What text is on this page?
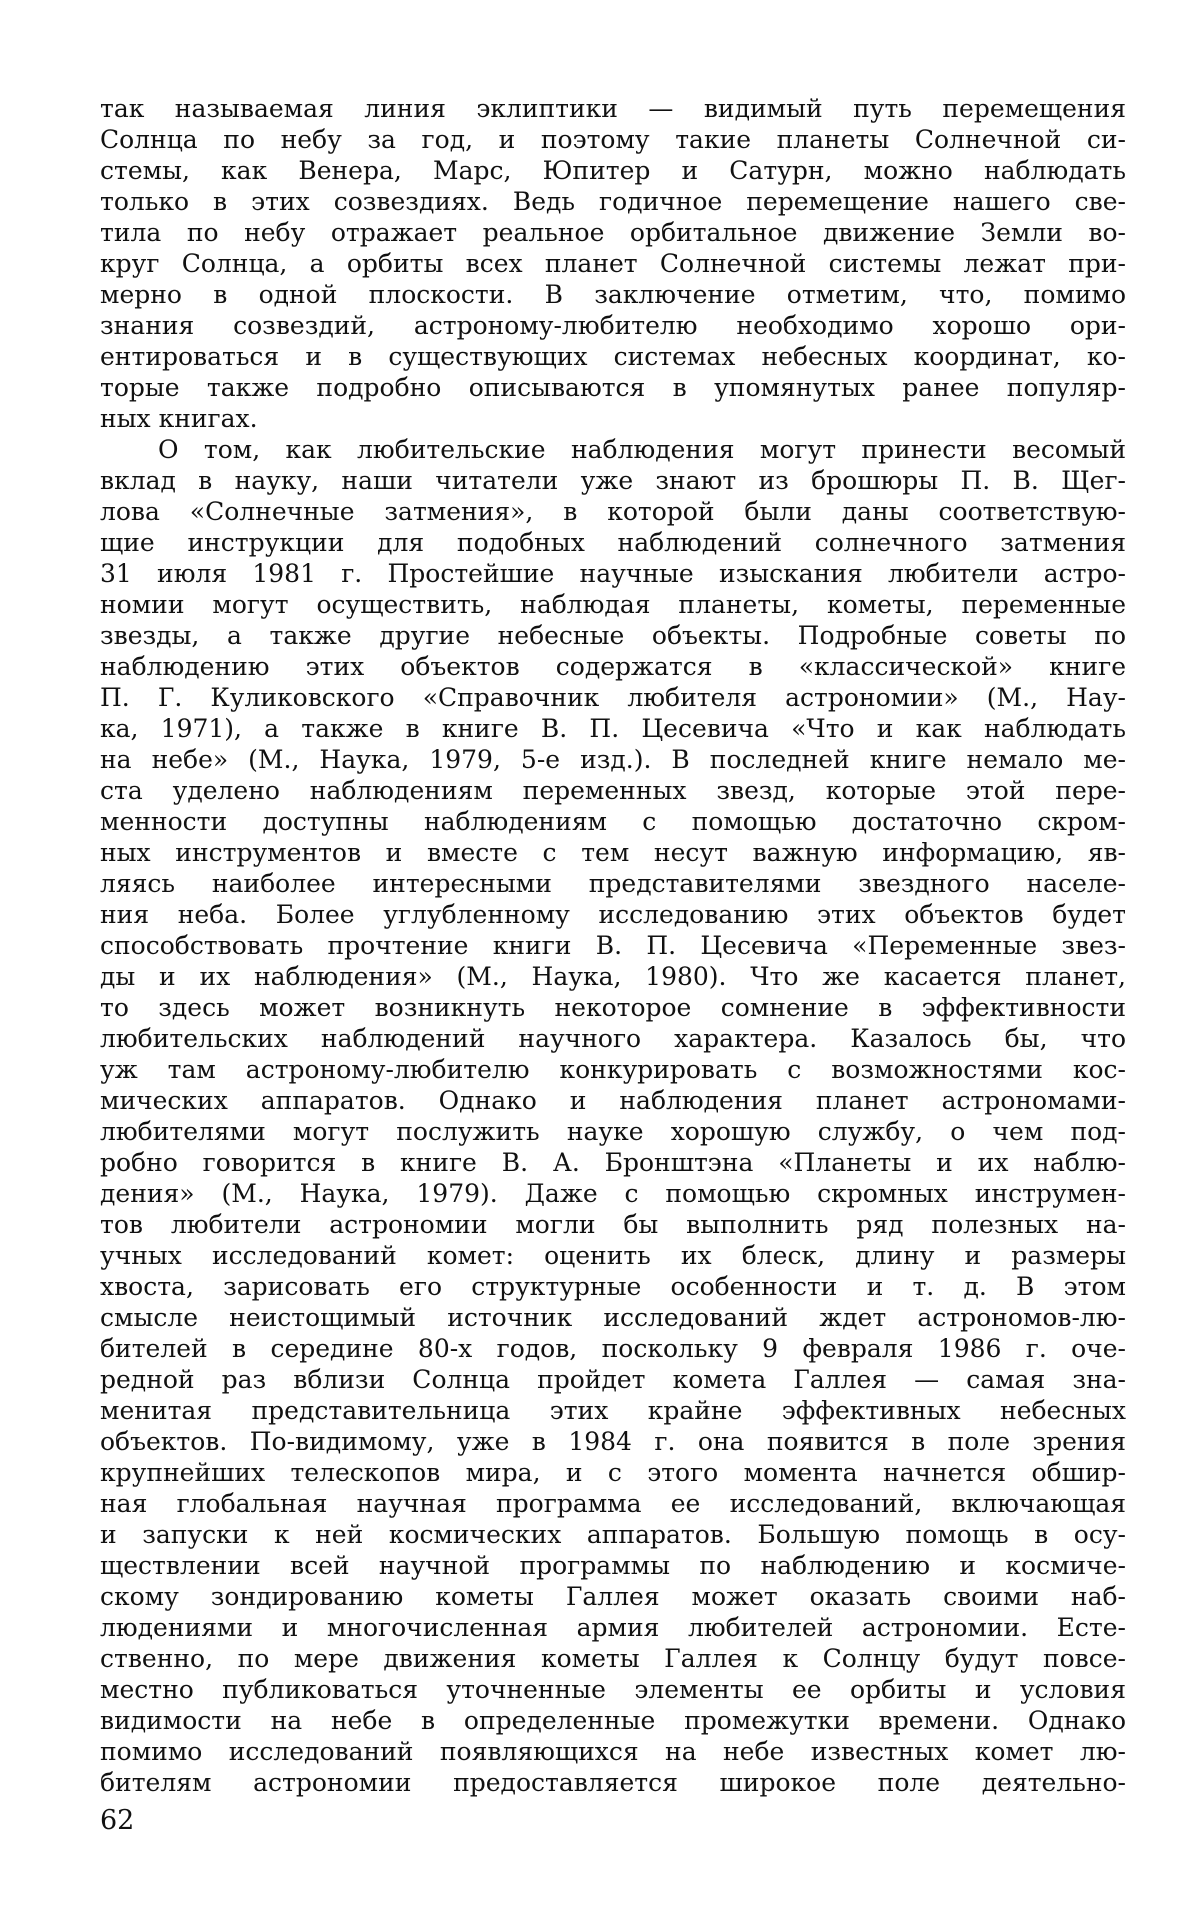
так называемая линия эклиптики — видимый путь перемещения
Солнца по небу за год, и поэтому такие планеты Солнечной си-
стемы, как Венера, Марс, Юпитер и Сатурн, можно наблюдать
только в этих созвездиях. Ведь годичное перемещение нашего све-
тила по небу отражает реальное орбитальное движение Земли во-
круг Солнца, а орбиты всех планет Солнечной системы лежат при-
мерно в одной плоскости. В заключение отметим, что, помимо
знания созвездий, астроному-любителю необходимо хорошо ори-
ентироваться и в существующих системах небесных координат, ко-
торые также подробно описываются в упомянутых ранее популяр-
ных книгах.
О том, как любительские наблюдения могут принести весомый
вклад в науку, наши читатели уже знают из брошюры П. В. Щег-
лова «Солнечные затмения», в которой были даны соответствую-
щие инструкции для подобных наблюдений солнечного затмения
31 июля 1981 г. Простейшие научные изыскания любители астро-
номии могут осуществить, наблюдая планеты, кометы, переменные
звезды, а также другие небесные объекты. Подробные советы по
наблюдению этих объектов содержатся в «классической» книге
П. Г. Куликовского «Справочник любителя астрономии» (М., Нау-
ка, 1971), а также в книге В. П. Цесевича «Что и как наблюдать
на небе» (М., Наука, 1979, 5-е изд.). В последней книге немало ме-
ста уделено наблюдениям переменных звезд, которые этой пере-
менности доступны наблюдениям с помощью достаточно скром-
ных инструментов и вместе с тем несут важную информацию, яв-
ляясь наиболее интересными представителями звездного населе-
ния неба. Более углубленному исследованию этих объектов будет
способствовать прочтение книги В. П. Цесевича «Переменные звез-
ды и их наблюдения» (М., Наука, 1980). Что же касается планет,
то здесь может возникнуть некоторое сомнение в эффективности
любительских наблюдений научного характера. Казалось бы, что
уж там астроному-любителю конкурировать с возможностями кос-
мических аппаратов. Однако и наблюдения планет астрономами-
любителями могут послужить науке хорошую службу, о чем под-
робно говорится в книге В. А. Бронштэна «Планеты и их наблю-
дения» (М., Наука, 1979). Даже с помощью скромных инструмен-
тов любители астрономии могли бы выполнить ряд полезных на-
учных исследований комет: оценить их блеск, длину и размеры
хвоста, зарисовать его структурные особенности и т. д. В этом
смысле неистощимый источник исследований ждет астрономов-лю-
бителей в середине 80-х годов, поскольку 9 февраля 1986 г. оче-
редной раз вблизи Солнца пройдет комета Галлея — самая зна-
менитая представительница этих крайне эффективных небесных
объектов. По-видимому, уже в 1984 г. она появится в поле зрения
крупнейших телескопов мира, и с этого момента начнется обшир-
ная глобальная научная программа ее исследований, включающая
и запуски к ней космических аппаратов. Большую помощь в осу-
ществлении всей научной программы по наблюдению и космиче-
скому зондированию кометы Галлея может оказать своими наб-
людениями и многочисленная армия любителей астрономии. Есте-
ственно, по мере движения кометы Галлея к Солнцу будут повсе-
местно публиковаться уточненные элементы ее орбиты и условия
видимости на небе в определенные промежутки времени. Однако
помимо исследований появляющихся на небе известных комет лю-
бителям астрономии предоставляется широкое поле деятельно-
62
